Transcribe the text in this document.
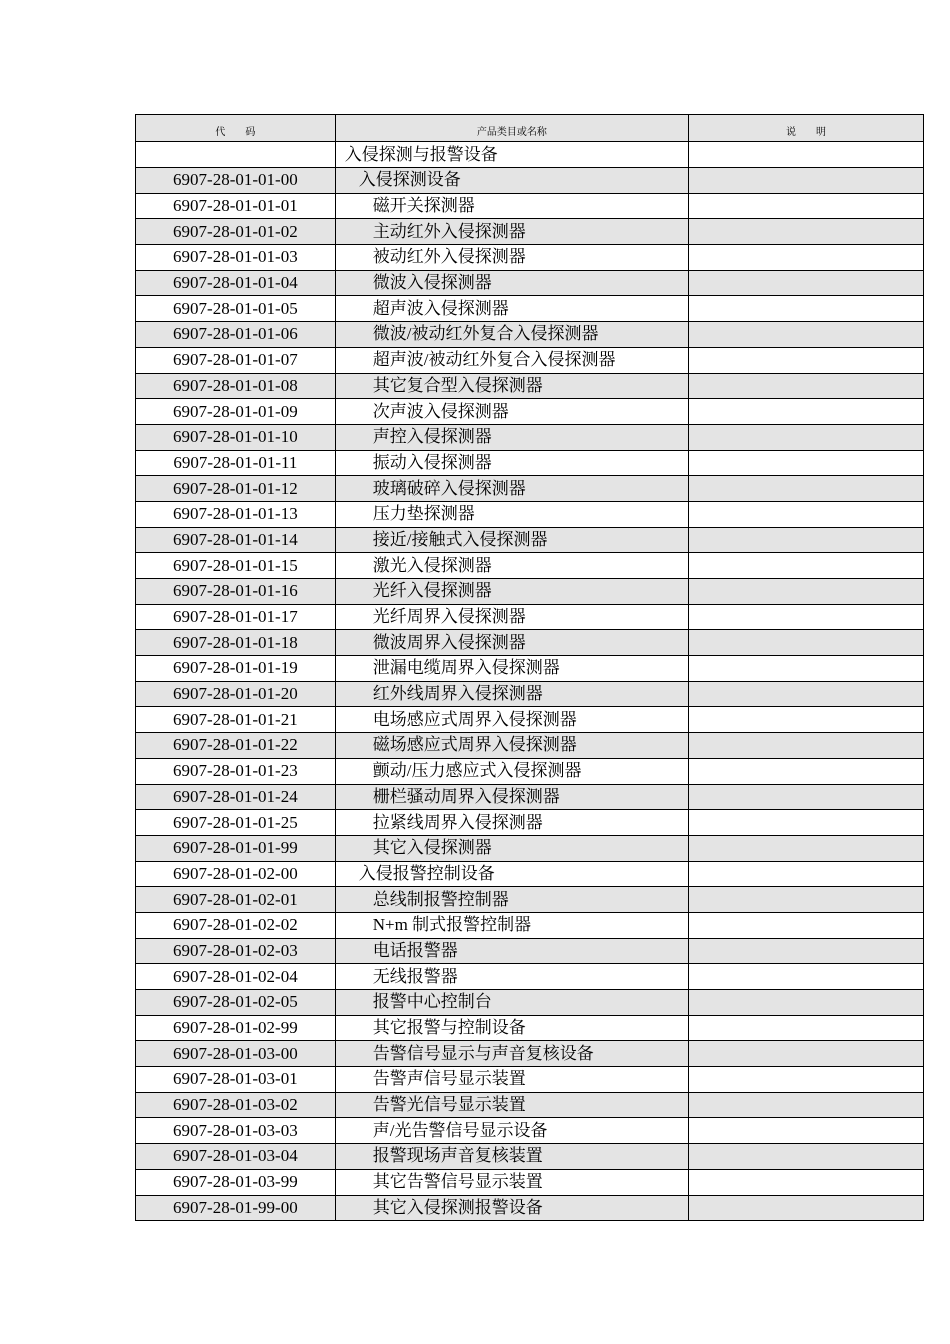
代　　码	产品类目或名称	说　　明
	入侵探测与报警设备	
6907-28-01-01-00	入侵探测设备	
6907-28-01-01-01	磁开关探测器	
6907-28-01-01-02	主动红外入侵探测器	
6907-28-01-01-03	被动红外入侵探测器	
6907-28-01-01-04	微波入侵探测器	
6907-28-01-01-05	超声波入侵探测器	
6907-28-01-01-06	微波/被动红外复合入侵探测器	
6907-28-01-01-07	超声波/被动红外复合入侵探测器	
6907-28-01-01-08	其它复合型入侵探测器	
6907-28-01-01-09	次声波入侵探测器	
6907-28-01-01-10	声控入侵探测器	
6907-28-01-01-11	振动入侵探测器	
6907-28-01-01-12	玻璃破碎入侵探测器	
6907-28-01-01-13	压力垫探测器	
6907-28-01-01-14	接近/接触式入侵探测器	
6907-28-01-01-15	激光入侵探测器	
6907-28-01-01-16	光纤入侵探测器	
6907-28-01-01-17	光纤周界入侵探测器	
6907-28-01-01-18	微波周界入侵探测器	
6907-28-01-01-19	泄漏电缆周界入侵探测器	
6907-28-01-01-20	红外线周界入侵探测器	
6907-28-01-01-21	电场感应式周界入侵探测器	
6907-28-01-01-22	磁场感应式周界入侵探测器	
6907-28-01-01-23	颤动/压力感应式入侵探测器	
6907-28-01-01-24	栅栏骚动周界入侵探测器	
6907-28-01-01-25	拉紧线周界入侵探测器	
6907-28-01-01-99	其它入侵探测器	
6907-28-01-02-00	入侵报警控制设备	
6907-28-01-02-01	总线制报警控制器	
6907-28-01-02-02	N+m 制式报警控制器	
6907-28-01-02-03	电话报警器	
6907-28-01-02-04	无线报警器	
6907-28-01-02-05	报警中心控制台	
6907-28-01-02-99	其它报警与控制设备	
6907-28-01-03-00	告警信号显示与声音复核设备	
6907-28-01-03-01	告警声信号显示装置	
6907-28-01-03-02	告警光信号显示装置	
6907-28-01-03-03	声/光告警信号显示设备	
6907-28-01-03-04	报警现场声音复核装置	
6907-28-01-03-99	其它告警信号显示装置	
6907-28-01-99-00	其它入侵探测报警设备	
